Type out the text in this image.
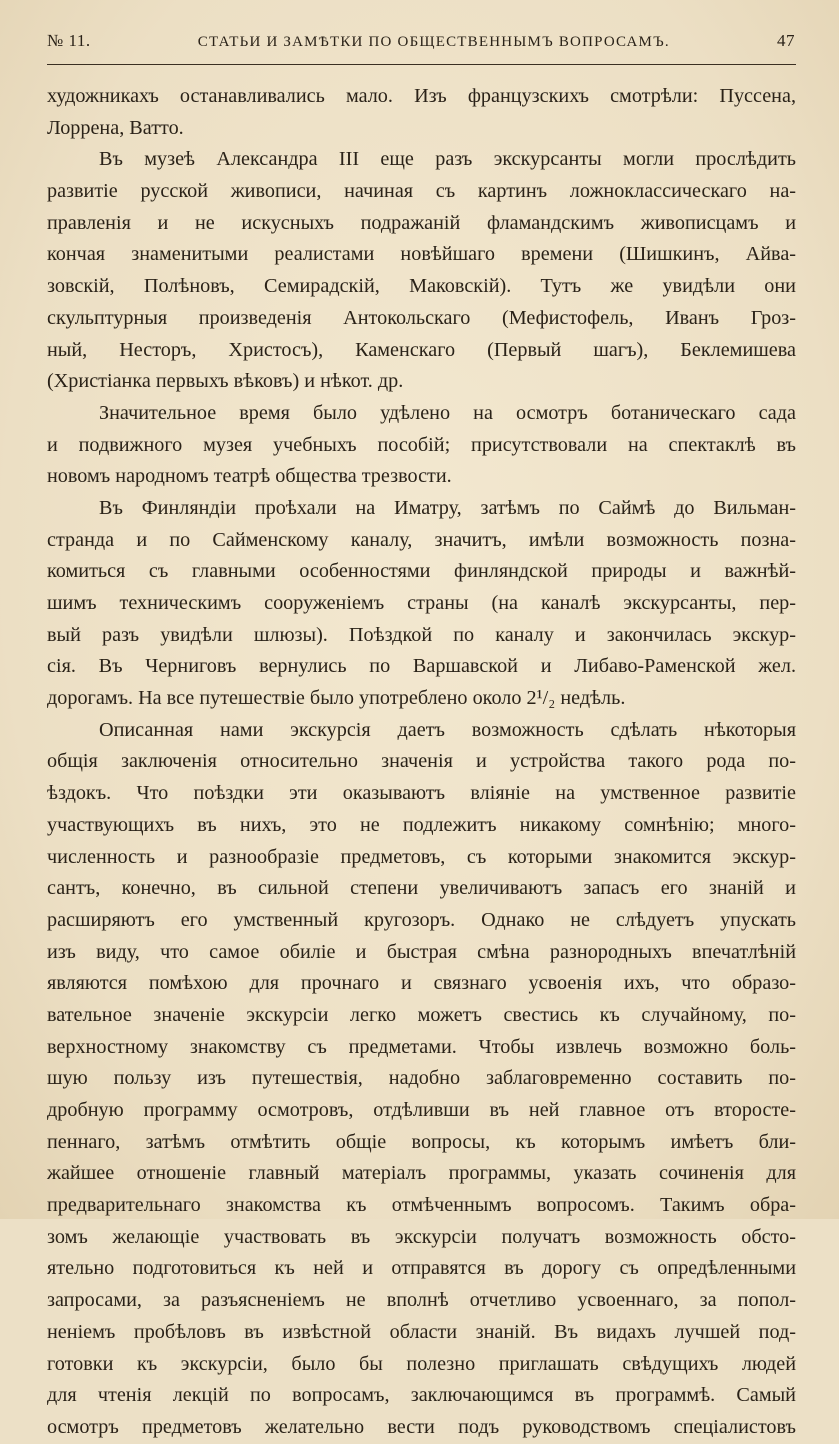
№ 11.	СТАТЬИ И ЗАМѢТКИ ПО ОБЩЕСТВЕННЫМЪ ВОПРОСАМЪ.	47
художникахъ останавливались мало. Изъ французскихъ смотрѣли: Пуссена,
Лоррена, Ватто.
Въ музеѣ Александра III еще разъ экскурсанты могли прослѣдить
развитіе русской живописи, начиная съ картинъ ложноклассическаго на-
правленія и не искусныхъ подражаній фламандскимъ живописцамъ и
кончая знаменитыми реалистами новѣйшаго времени (Шишкинъ, Айва-
зовскій, Полѣновъ, Семирадскій, Маковскій). Тутъ же увидѣли они
скульптурныя произведенія Антокольскаго (Мефистофель, Иванъ Гроз-
ный, Несторъ, Христосъ), Каменскаго (Первый шагъ), Беклемишева
(Христіанка первыхъ вѣковъ) и нѣкот. др.
Значительное время было удѣлено на осмотръ ботаническаго сада
и подвижного музея учебныхъ пособій; присутствовали на спектаклѣ въ
новомъ народномъ театрѣ общества трезвости.
Въ Финляндіи проѣхали на Иматру, затѣмъ по Саймѣ до Вильман-
странда и по Сайменскому каналу, значитъ, имѣли возможность позна-
комиться съ главными особенностями финляндской природы и важнѣй-
шимъ техническимъ сооруженіемъ страны (на каналѣ экскурсанты, пер-
вый разъ увидѣли шлюзы). Поѣздкой по каналу и закончилась экскур-
сія. Въ Черниговъ вернулись по Варшавской и Либаво-Раменской жел.
дорогамъ. На все путешествіе было употреблено около 2¹/₂ недѣль.
Описанная нами экскурсія даетъ возможность сдѣлать нѣкоторыя
общія заключенія относительно значенія и устройства такого рода по-
ѣздокъ. Что поѣздки эти оказываютъ вліяніе на умственное развитіе
участвующихъ въ нихъ, это не подлежитъ никакому сомнѣнію; много-
численность и разнообразіе предметовъ, съ которыми знакомится экскур-
сантъ, конечно, въ сильной степени увеличиваютъ запасъ его знаній и
расширяютъ его умственный кругозоръ. Однако не слѣдуетъ упускать
изъ виду, что самое обиліе и быстрая смѣна разнородныхъ впечатлѣній
являются помѣхою для прочнаго и связнаго усвоенія ихъ, что образо-
вательное значеніе экскурсіи легко можетъ свестись къ случайному, по-
верхностному знакомству съ предметами. Чтобы извлечь возможно боль-
шую пользу изъ путешествія, надобно заблаговременно составить по-
дробную программу осмотровъ, отдѣливши въ ней главное отъ второсте-
пеннаго, затѣмъ отмѣтить общіе вопросы, къ которымъ имѣетъ бли-
жайшее отношеніе главный матеріалъ программы, указать сочиненія для
предварительнаго знакомства къ отмѣченнымъ вопросомъ. Такимъ обра-
зомъ желающіе участвовать въ экскурсіи получатъ возможность обсто-
ятельно подготовиться къ ней и отправятся въ дорогу съ опредѣленными
запросами, за разъясненіемъ не вполнѣ отчетливо усвоеннаго, за попол-
неніемъ пробѣловъ въ извѣстной области знаній. Въ видахъ лучшей под-
готовки къ экскурсіи, было бы полезно приглашать свѣдущихъ людей
для чтенія лекцій по вопросамъ, заключающимся въ программѣ. Самый
осмотръ предметовъ желательно вести подъ руководствомъ спеціалистовъ
